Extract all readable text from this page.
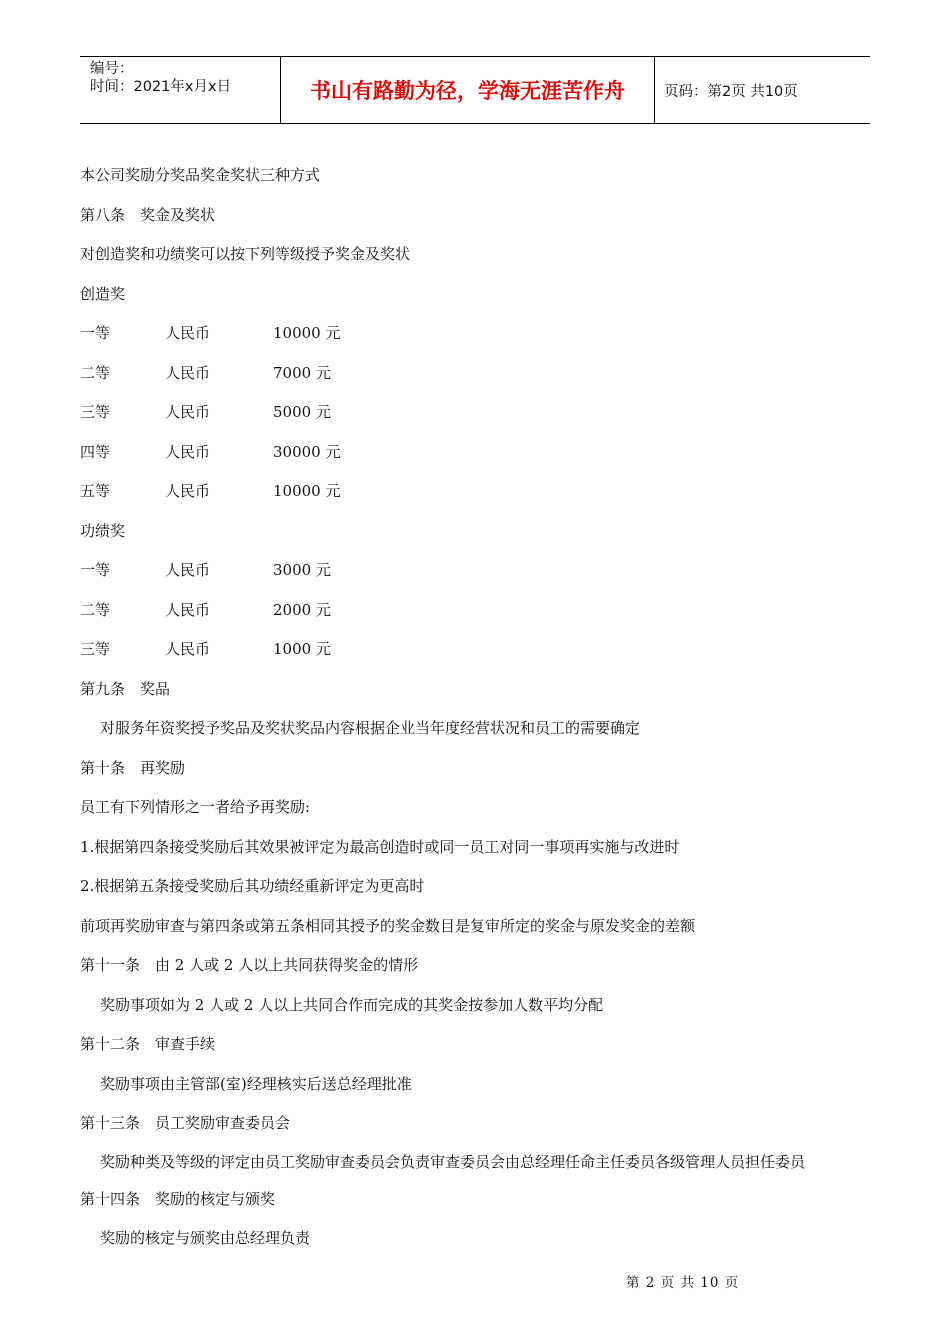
编号：
时间：2021年x月x日	书山有路勤为径，学海无涯苦作舟	页码：第2页 共10页
本公司奖励分奖品奖金奖状三种方式
第八条　奖金及奖状
对创造奖和功绩奖可以按下列等级授予奖金及奖状
创造奖
一等	人民币	10000 元
二等	人民币	7000 元
三等	人民币	5000 元
四等	人民币	30000 元
五等	人民币	10000 元
功绩奖
一等	人民币	3000 元
二等	人民币	2000 元
三等	人民币	1000 元
第九条　奖品
对服务年资奖授予奖品及奖状奖品内容根据企业当年度经营状况和员工的需要确定
第十条　再奖励
员工有下列情形之一者给予再奖励:
1.根据第四条接受奖励后其效果被评定为最高创造时或同一员工对同一事项再实施与改进时
2.根据第五条接受奖励后其功绩经重新评定为更高时
前项再奖励审查与第四条或第五条相同其授予的奖金数目是复审所定的奖金与原发奖金的差额
第十一条　由 2 人或 2 人以上共同获得奖金的情形
奖励事项如为 2 人或 2 人以上共同合作而完成的其奖金按参加人数平均分配
第十二条　审查手续
奖励事项由主管部(室)经理核实后送总经理批准
第十三条　员工奖励审查委员会
奖励种类及等级的评定由员工奖励审查委员会负责审查委员会由总经理任命主任委员各级管理人员担任委员
第十四条　奖励的核定与颁奖
奖励的核定与颁奖由总经理负责
第 2 页 共 10 页
